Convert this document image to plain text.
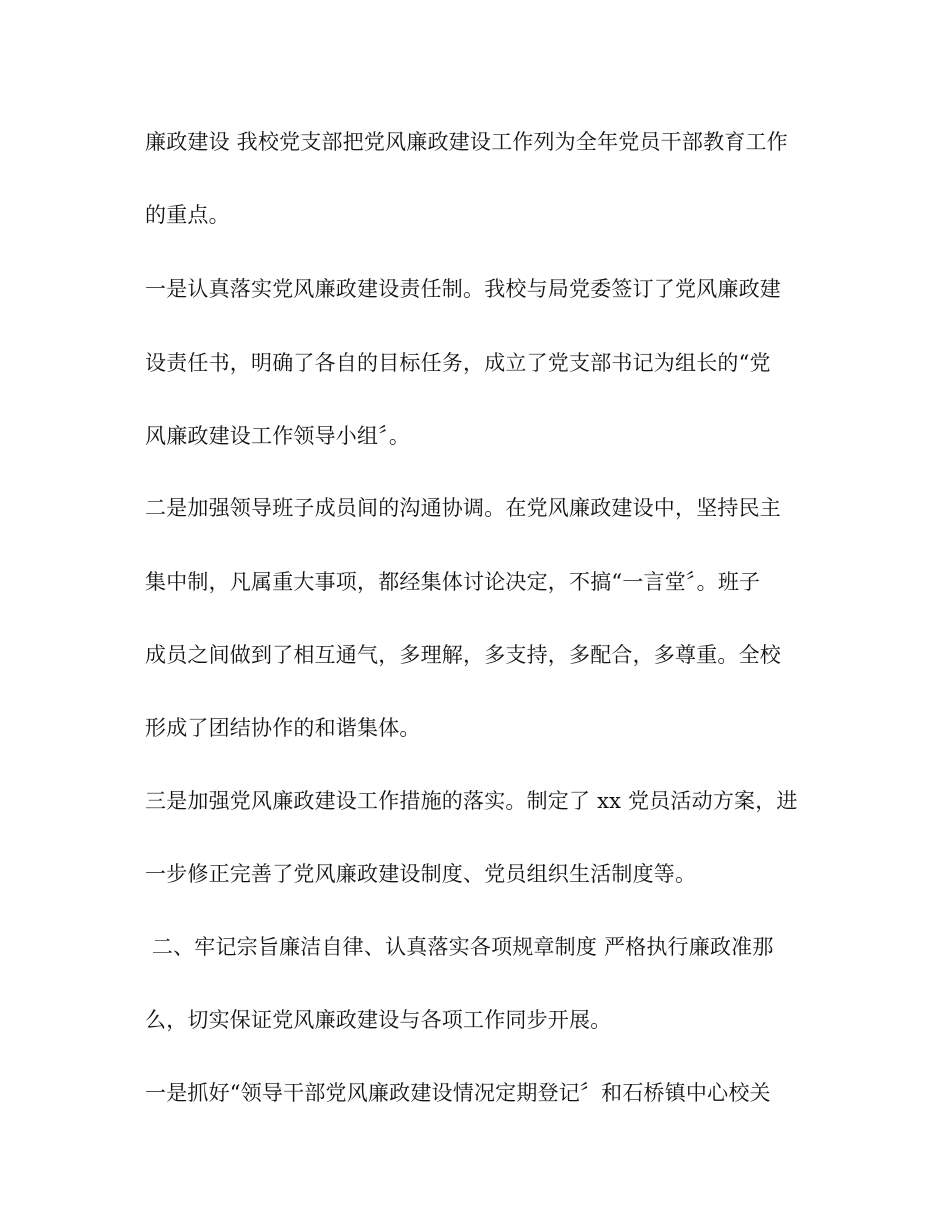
廉政建设 我校党支部把党风廉政建设工作列为全年党员干部教育工作
的重点。
一是认真落实党风廉政建设责任制。我校与局党委签订了党风廉政建
设责任书，明确了各自的目标任务，成立了党支部书记为组长的“党
风廉政建设工作领导小组〞。
二是加强领导班子成员间的沟通协调。在党风廉政建设中，坚持民主
集中制，凡属重大事项，都经集体讨论决定，不搞“一言堂〞。班子
成员之间做到了相互通气，多理解，多支持，多配合，多尊重。全校
形成了团结协作的和谐集体。
三是加强党风廉政建设工作措施的落实。制定了 xx 党员活动方案，进
一步修正完善了党风廉政建设制度、党员组织生活制度等。
二、牢记宗旨廉洁自律、认真落实各项规章制度 严格执行廉政准那
么，切实保证党风廉政建设与各项工作同步开展。
一是抓好“领导干部党风廉政建设情况定期登记〞和石桥镇中心校关
